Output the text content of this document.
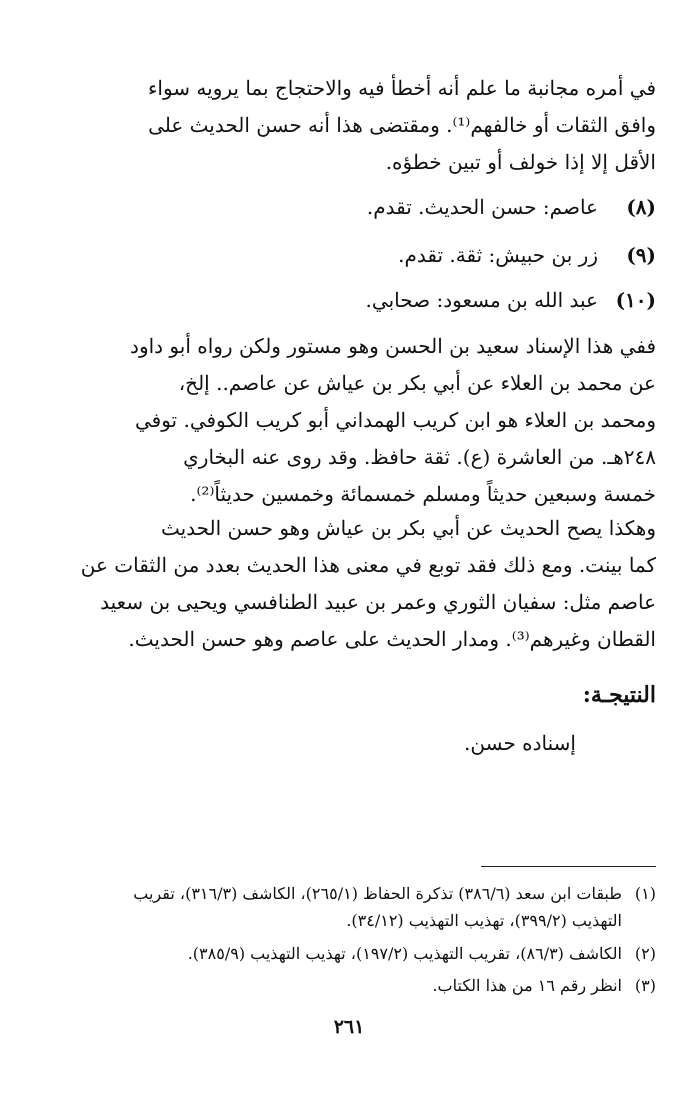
في أمره مجانبة ما علم أنه أخطأ فيه والاحتجاج بما يرويه سواء
وافق الثقات أو خالفهم⁽¹⁾. ومقتضى هذا أنه حسن الحديث على
الأقل إلا إذا خولف أو تبين خطؤه.
(٨)عاصم: حسن الحديث. تقدم.
(٩)زر بن حبيش: ثقة. تقدم.
(١٠)عبد الله بن مسعود: صحابي.
ففي هذا الإسناد سعيد بن الحسن وهو مستور ولكن رواه أبو داود
عن محمد بن العلاء عن أبي بكر بن عياش عن عاصم.. إلخ،
ومحمد بن العلاء هو ابن كريب الهمداني أبو كريب الكوفي. توفي
٢٤٨هـ. من العاشرة (ع). ثقة حافظ. وقد روى عنه البخاري
خمسة وسبعين حديثاً ومسلم خمسمائة وخمسين حديثاً⁽²⁾.
وهكذا يصح الحديث عن أبي بكر بن عياش وهو حسن الحديث
كما بينت. ومع ذلك فقد توبع في معنى هذا الحديث بعدد من الثقات عن
عاصم مثل: سفيان الثوري وعمر بن عبيد الطنافسي ويحيى بن سعيد
القطان وغيرهم⁽³⁾. ومدار الحديث على عاصم وهو حسن الحديث.
النتيجـة:
إسناده حسن.
(١)طبقات ابن سعد (٣٨٦/٦) تذكرة الحفاظ (٢٦٥/١)، الكاشف (٣١٦/٣)، تقريب
التهذيب (٣٩٩/٢)، تهذيب التهذيب (٣٤/١٢).
(٢)الكاشف (٨٦/٣)، تقريب التهذيب (١٩٧/٢)، تهذيب التهذيب (٣٨٥/٩).
(٣)انظر رقم ١٦ من هذا الكتاب.
٢٦١
